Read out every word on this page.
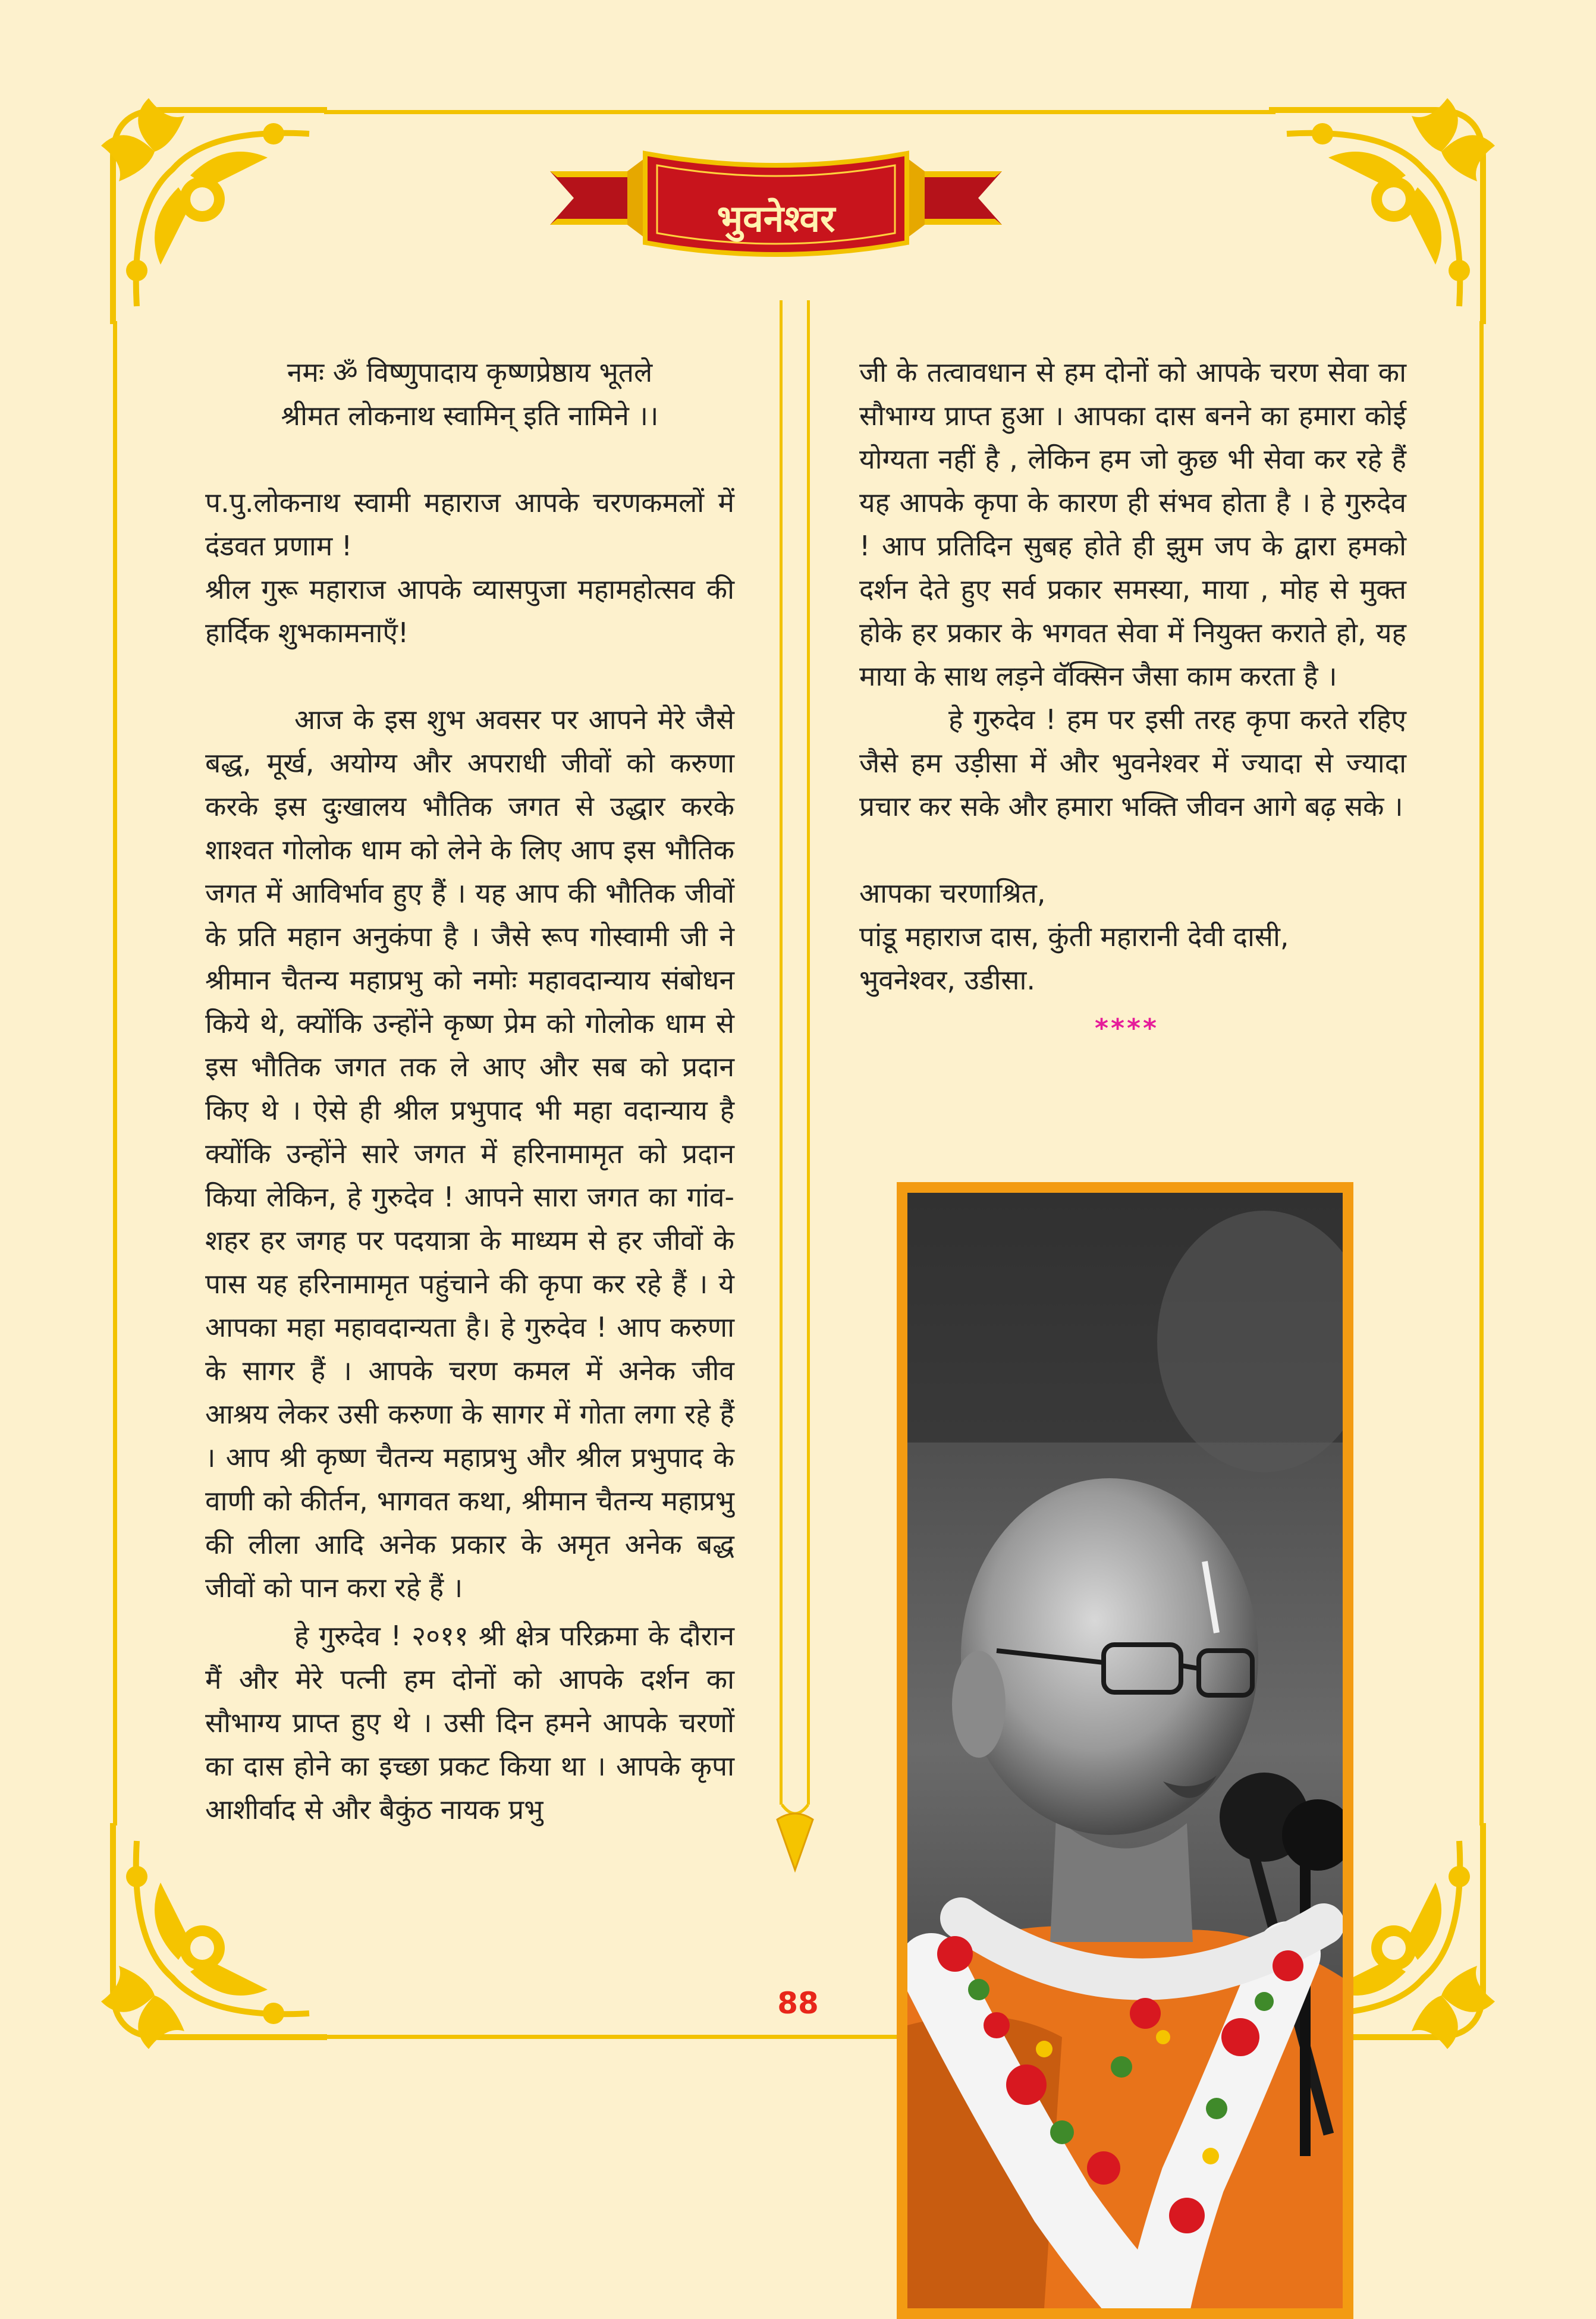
भुवनेश्वर

नमः ॐ विष्णुपादाय कृष्णप्रेष्ठाय भूतले

श्रीमत लोकनाथ स्वामिन् इति नामिने ।।

प.पु.लोकनाथ स्वामी महाराज आपके चरणकमलों में दंडवत प्रणाम !

श्रील गुरू महाराज आपके व्यासपुजा महामहोत्सव की हार्दिक शुभकामनाएँ!

आज के इस शुभ अवसर पर आपने मेरे जैसे बद्ध, मूर्ख, अयोग्य और अपराधी जीवों को करुणा करके इस दुःखालय भौतिक जगत से उद्धार करके शाश्वत गोलोक धाम को लेने के लिए आप इस भौतिक जगत में आविर्भाव हुए हैं । यह आप की भौतिक जीवों के प्रति महान अनुकंपा है । जैसे रूप गोस्वामी जी ने श्रीमान चैतन्य महाप्रभु को नमोः महावदान्याय संबोधन किये थे, क्योंकि उन्होंने कृष्ण प्रेम को गोलोक धाम से इस भौतिक जगत तक ले आए और सब को प्रदान किए थे । ऐसे ही श्रील प्रभुपाद भी महा वदान्याय है क्योंकि उन्होंने सारे जगत में हरिनामामृत को प्रदान किया लेकिन, हे गुरुदेव ! आपने सारा जगत का गांव-शहर हर जगह पर पदयात्रा के माध्यम से हर जीवों के पास यह हरिनामामृत पहुंचाने की कृपा कर रहे हैं । ये आपका महा महावदान्यता है। हे गुरुदेव ! आप करुणा के सागर हैं । आपके चरण कमल में अनेक जीव आश्रय लेकर उसी करुणा के सागर में गोता लगा रहे हैं । आप श्री कृष्ण चैतन्य महाप्रभु और श्रील प्रभुपाद के वाणी को कीर्तन, भागवत कथा, श्रीमान चैतन्य महाप्रभु की लीला आदि अनेक प्रकार के अमृत अनेक बद्ध जीवों को पान करा रहे हैं ।

हे गुरुदेव ! २०११ श्री क्षेत्र परिक्रमा के दौरान मैं और मेरे पत्नी हम दोनों को आपके दर्शन का सौभाग्य प्राप्त हुए थे । उसी दिन हमने आपके चरणों का दास होने का इच्छा प्रकट किया था । आपके कृपा आशीर्वाद से और बैकुंठ नायक प्रभु

जी के तत्वावधान से हम दोनों को आपके चरण सेवा का सौभाग्य प्राप्त हुआ । आपका दास बनने का हमारा कोई योग्यता नहीं है , लेकिन हम जो कुछ भी सेवा कर रहे हैं यह आपके कृपा के कारण ही संभव होता है । हे गुरुदेव ! आप प्रतिदिन सुबह होते ही झुम जप के द्वारा हमको दर्शन देते हुए सर्व प्रकार समस्या, माया , मोह से मुक्त होके हर प्रकार के भगवत सेवा में नियुक्त कराते हो, यह माया के साथ लड़ने वॅक्सिन जैसा काम करता है ।

हे गुरुदेव ! हम पर इसी तरह कृपा करते रहिए जैसे हम उड़ीसा में और भुवनेश्वर में ज्यादा से ज्यादा प्रचार कर सके और हमारा भक्ति जीवन आगे बढ़ सके ।

आपका चरणाश्रित,

पांडू महाराज दास, कुंती महारानी देवी दासी,

भुवनेश्वर, उडीसा.

****
88
